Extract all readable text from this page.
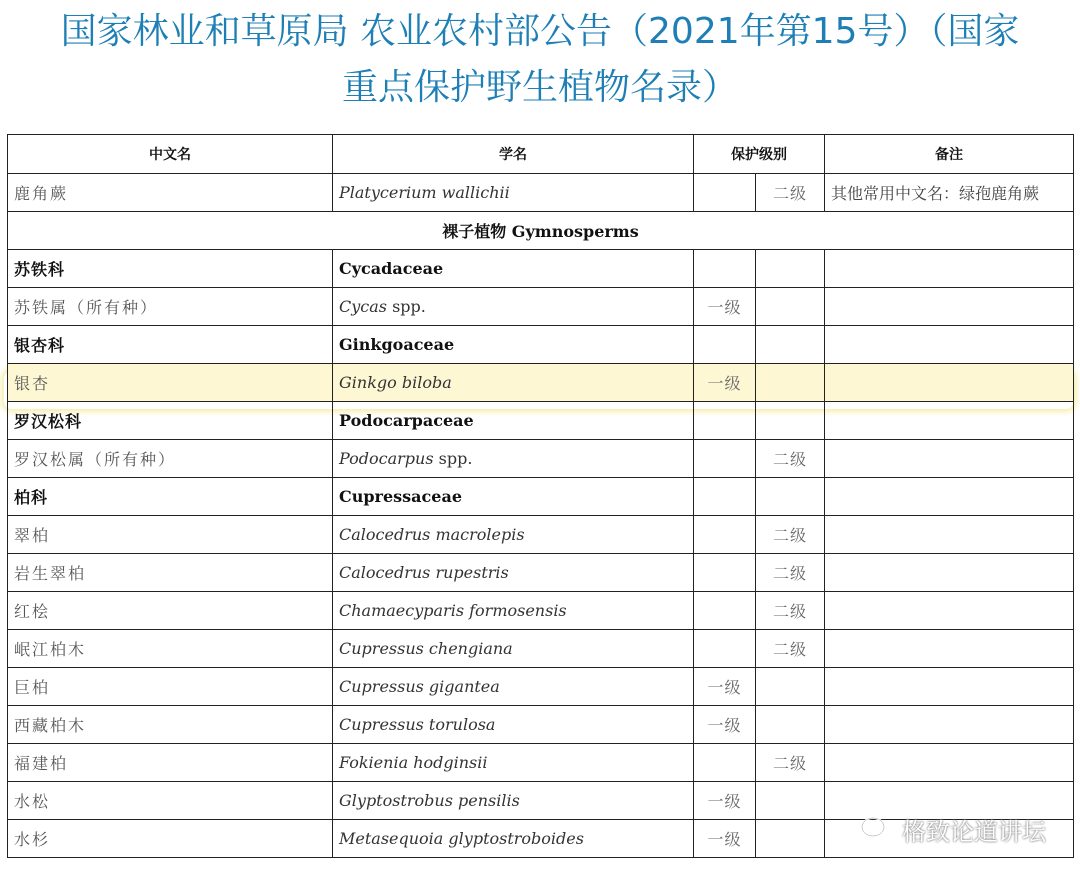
国家林业和草原局 农业农村部公告（2021年第15号）（国家
重点保护野生植物名录）
中文名	学名	保护级别		备注
鹿角蕨	Platycerium wallichii		二级	其他常用中文名：绿孢鹿角蕨
裸子植物 Gymnosperms				
苏铁科	Cycadaceae			
苏铁属（所有种）	Cycas spp.	一级		
银杏科	Ginkgoaceae			
银杏	Ginkgo biloba	一级		
罗汉松科	Podocarpaceae			
罗汉松属（所有种）	Podocarpus spp.		二级	
柏科	Cupressaceae			
翠柏	Calocedrus macrolepis		二级	
岩生翠柏	Calocedrus rupestris		二级	
红桧	Chamaecyparis formosensis		二级	
岷江柏木	Cupressus chengiana		二级	
巨柏	Cupressus gigantea	一级		
西藏柏木	Cupressus torulosa	一级		
福建柏	Fokienia hodginsii		二级	
水松	Glyptostrobus pensilis	一级		
水杉	Metasequoia glyptostroboides	一级			格致论道讲坛
